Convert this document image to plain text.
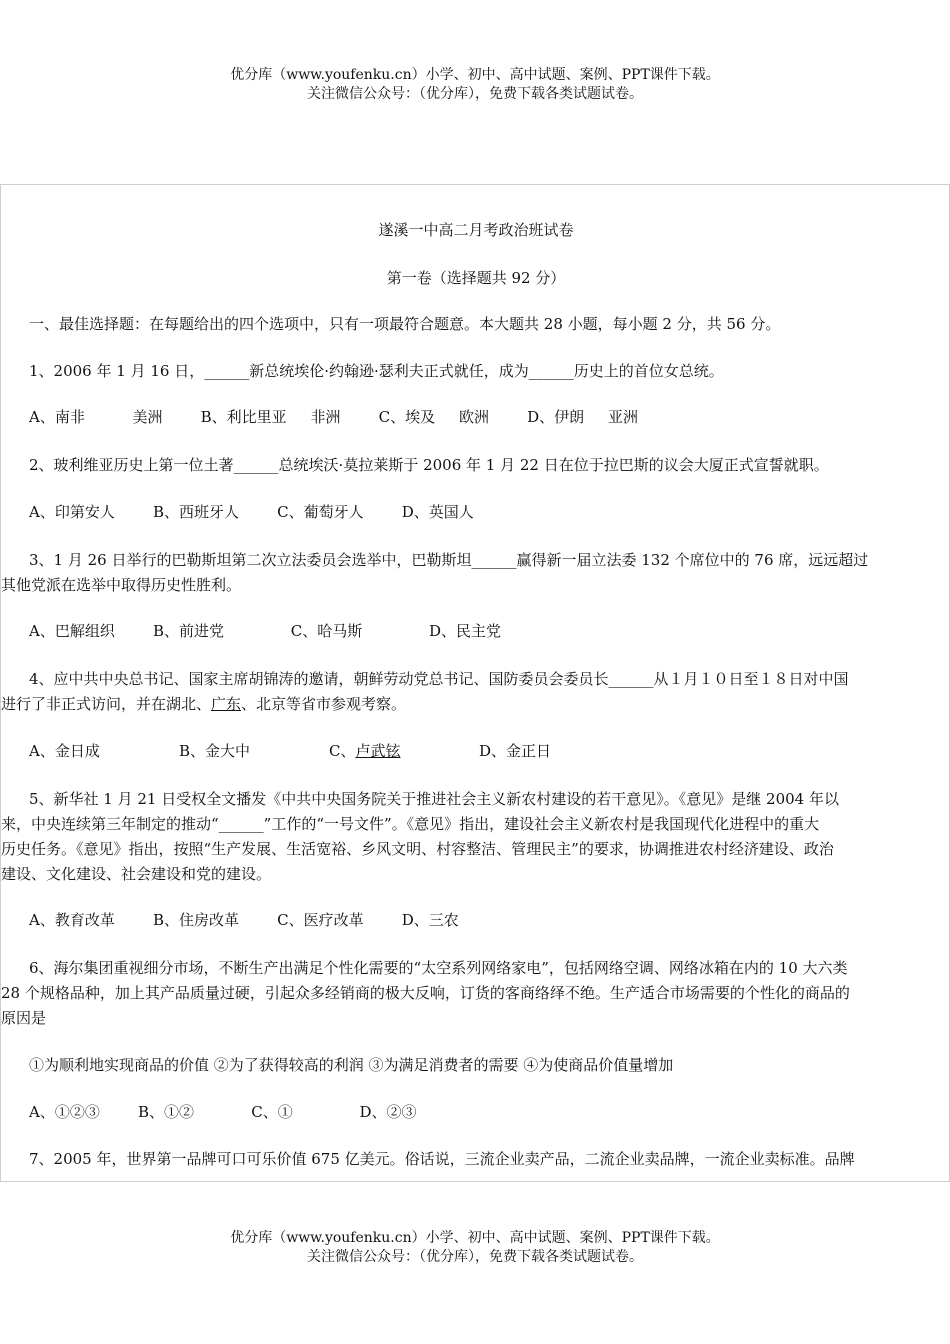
优分库（www.youfenku.cn）小学、初中、高中试题、案例、PPT课件下载。
关注微信公众号：（优分库），免费下载各类试题试卷。
遂溪一中高二月考政治班试卷
第一卷（选择题共 92 分）
一、最佳选择题：在每题给出的四个选项中，只有一项最符合题意。本大题共 28 小题，每小题 2 分，共 56 分。
1、2006 年 1 月 16 日，______新总统埃伦·约翰逊·瑟利夫正式就任，成为______历史上的首位女总统。
A、南非          美洲        B、利比里亚     非洲        C、埃及     欧洲        D、伊朗     亚洲
2、玻利维亚历史上第一位土著______总统埃沃·莫拉莱斯于 2006 年 1 月 22 日在位于拉巴斯的议会大厦正式宣誓就职。
A、印第安人        B、西班牙人        C、葡萄牙人        D、英国人
3、1 月 26 日举行的巴勒斯坦第二次立法委员会选举中，巴勒斯坦______赢得新一届立法委 132 个席位中的 76 席，远远超过
其他党派在选举中取得历史性胜利。
A、巴解组织        B、前进党              C、哈马斯              D、民主党
4、应中共中央总书记、国家主席胡锦涛的邀请，朝鲜劳动党总书记、国防委员会委员长______从１月１０日至１８日对中国
进行了非正式访问，并在湖北、广东、北京等省市参观考察。
A、金日成	B、金大中	C、卢武铉	D、金正日
5、新华社 1 月 21 日受权全文播发《中共中央国务院关于推进社会主义新农村建设的若干意见》。《意见》是继 2004 年以
来，中央连续第三年制定的推动“______”工作的“一号文件”。《意见》指出，建设社会主义新农村是我国现代化进程中的重大
历史任务。《意见》指出，按照“生产发展、生活宽裕、乡风文明、村容整洁、管理民主”的要求，协调推进农村经济建设、政治
建设、文化建设、社会建设和党的建设。
A、教育改革        B、住房改革        C、医疗改革        D、三农
6、海尔集团重视细分市场，不断生产出满足个性化需要的“太空系列网络家电”，包括网络空调、网络冰箱在内的 10 大六类
28 个规格品种，加上其产品质量过硬，引起众多经销商的极大反响，订货的客商络绎不绝。生产适合市场需要的个性化的商品的
原因是
①为顺利地实现商品的价值 ②为了获得较高的利润 ③为满足消费者的需要 ④为使商品价值量增加
A、①②③        B、①②            C、①              D、②③
7、2005 年，世界第一品牌可口可乐价值 675 亿美元。俗话说，三流企业卖产品，二流企业卖品牌，一流企业卖标准。品牌
优分库（www.youfenku.cn）小学、初中、高中试题、案例、PPT课件下载。
关注微信公众号：（优分库），免费下载各类试题试卷。
